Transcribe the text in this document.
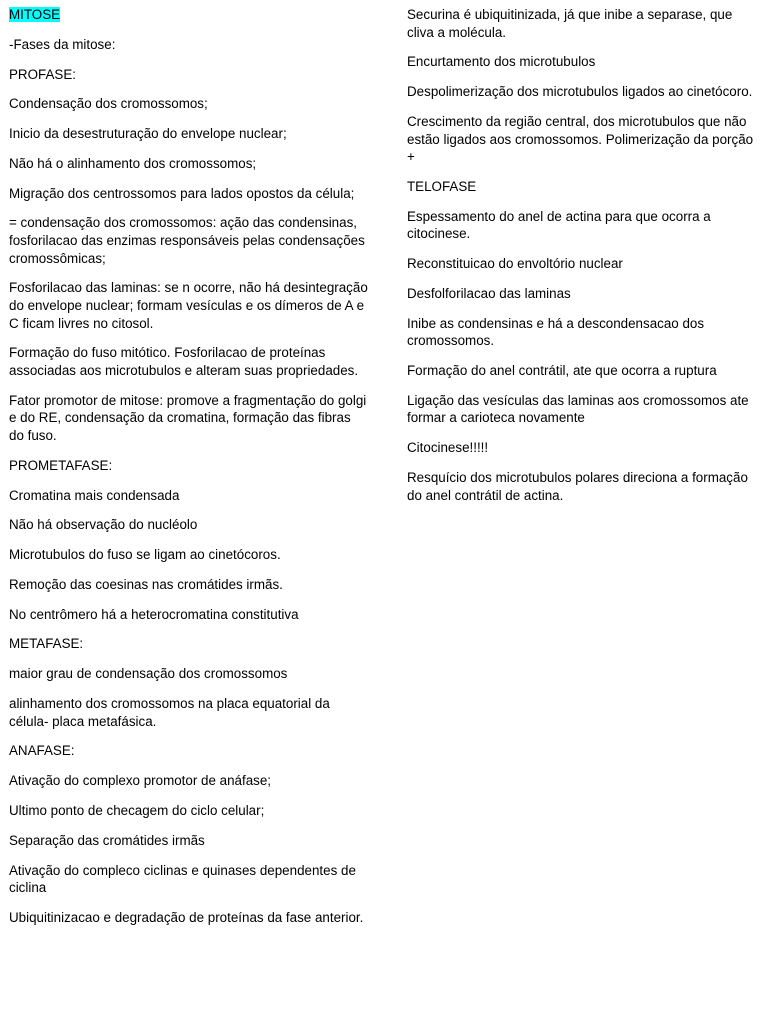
MITOSE

-Fases da mitose:

PROFASE:

Condensação dos cromossomos;

Inicio da desestruturação do envelope nuclear;

Não há o alinhamento dos cromossomos;

Migração dos centrossomos para lados opostos da célula;

= condensação dos cromossomos: ação das condensinas, fosforilacao das enzimas responsáveis pelas condensações cromossômicas;

Fosforilacao das laminas: se n ocorre, não há desintegração do envelope nuclear; formam vesículas e os dímeros de A e C ficam livres no citosol.

Formação do fuso mitótico. Fosforilacao de proteínas associadas aos microtubulos e alteram suas propriedades.

Fator promotor de mitose: promove a fragmentação do golgi e do RE, condensação da cromatina, formação das fibras do fuso.

PROMETAFASE:

Cromatina mais condensada

Não há observação do nucléolo

Microtubulos do fuso se ligam ao cinetócoros.

Remoção das coesinas nas cromátides irmãs.

No centrômero há a heterocromatina constitutiva

METAFASE:

maior grau de condensação dos cromossomos

alinhamento dos cromossomos na placa equatorial da célula- placa metafásica.

ANAFASE:

Ativação do complexo promotor de anáfase;

Ultimo ponto de checagem do ciclo celular;

Separação das cromátides irmãs

Ativação do compleco ciclinas e quinases dependentes de ciclina

Ubiquitinizacao e degradação de proteínas da fase anterior.

Securina é ubiquitinizada, já que inibe a separase, que cliva a molécula.

Encurtamento dos microtubulos

Despolimerização dos microtubulos ligados ao cinetócoro.

Crescimento da região central, dos microtubulos que não estão ligados aos cromossomos. Polimerização da porção +

TELOFASE

Espessamento do anel de actina para que ocorra a citocinese.

Reconstituicao do envoltório nuclear

Desfolforilacao das laminas

Inibe as condensinas e há a descondensacao dos cromossomos.

Formação do anel contrátil, ate que ocorra a ruptura

Ligação das vesículas das laminas aos cromossomos ate formar a carioteca novamente

Citocinese!!!!!

Resquício dos microtubulos polares direciona a formação do anel contrátil de actina.
